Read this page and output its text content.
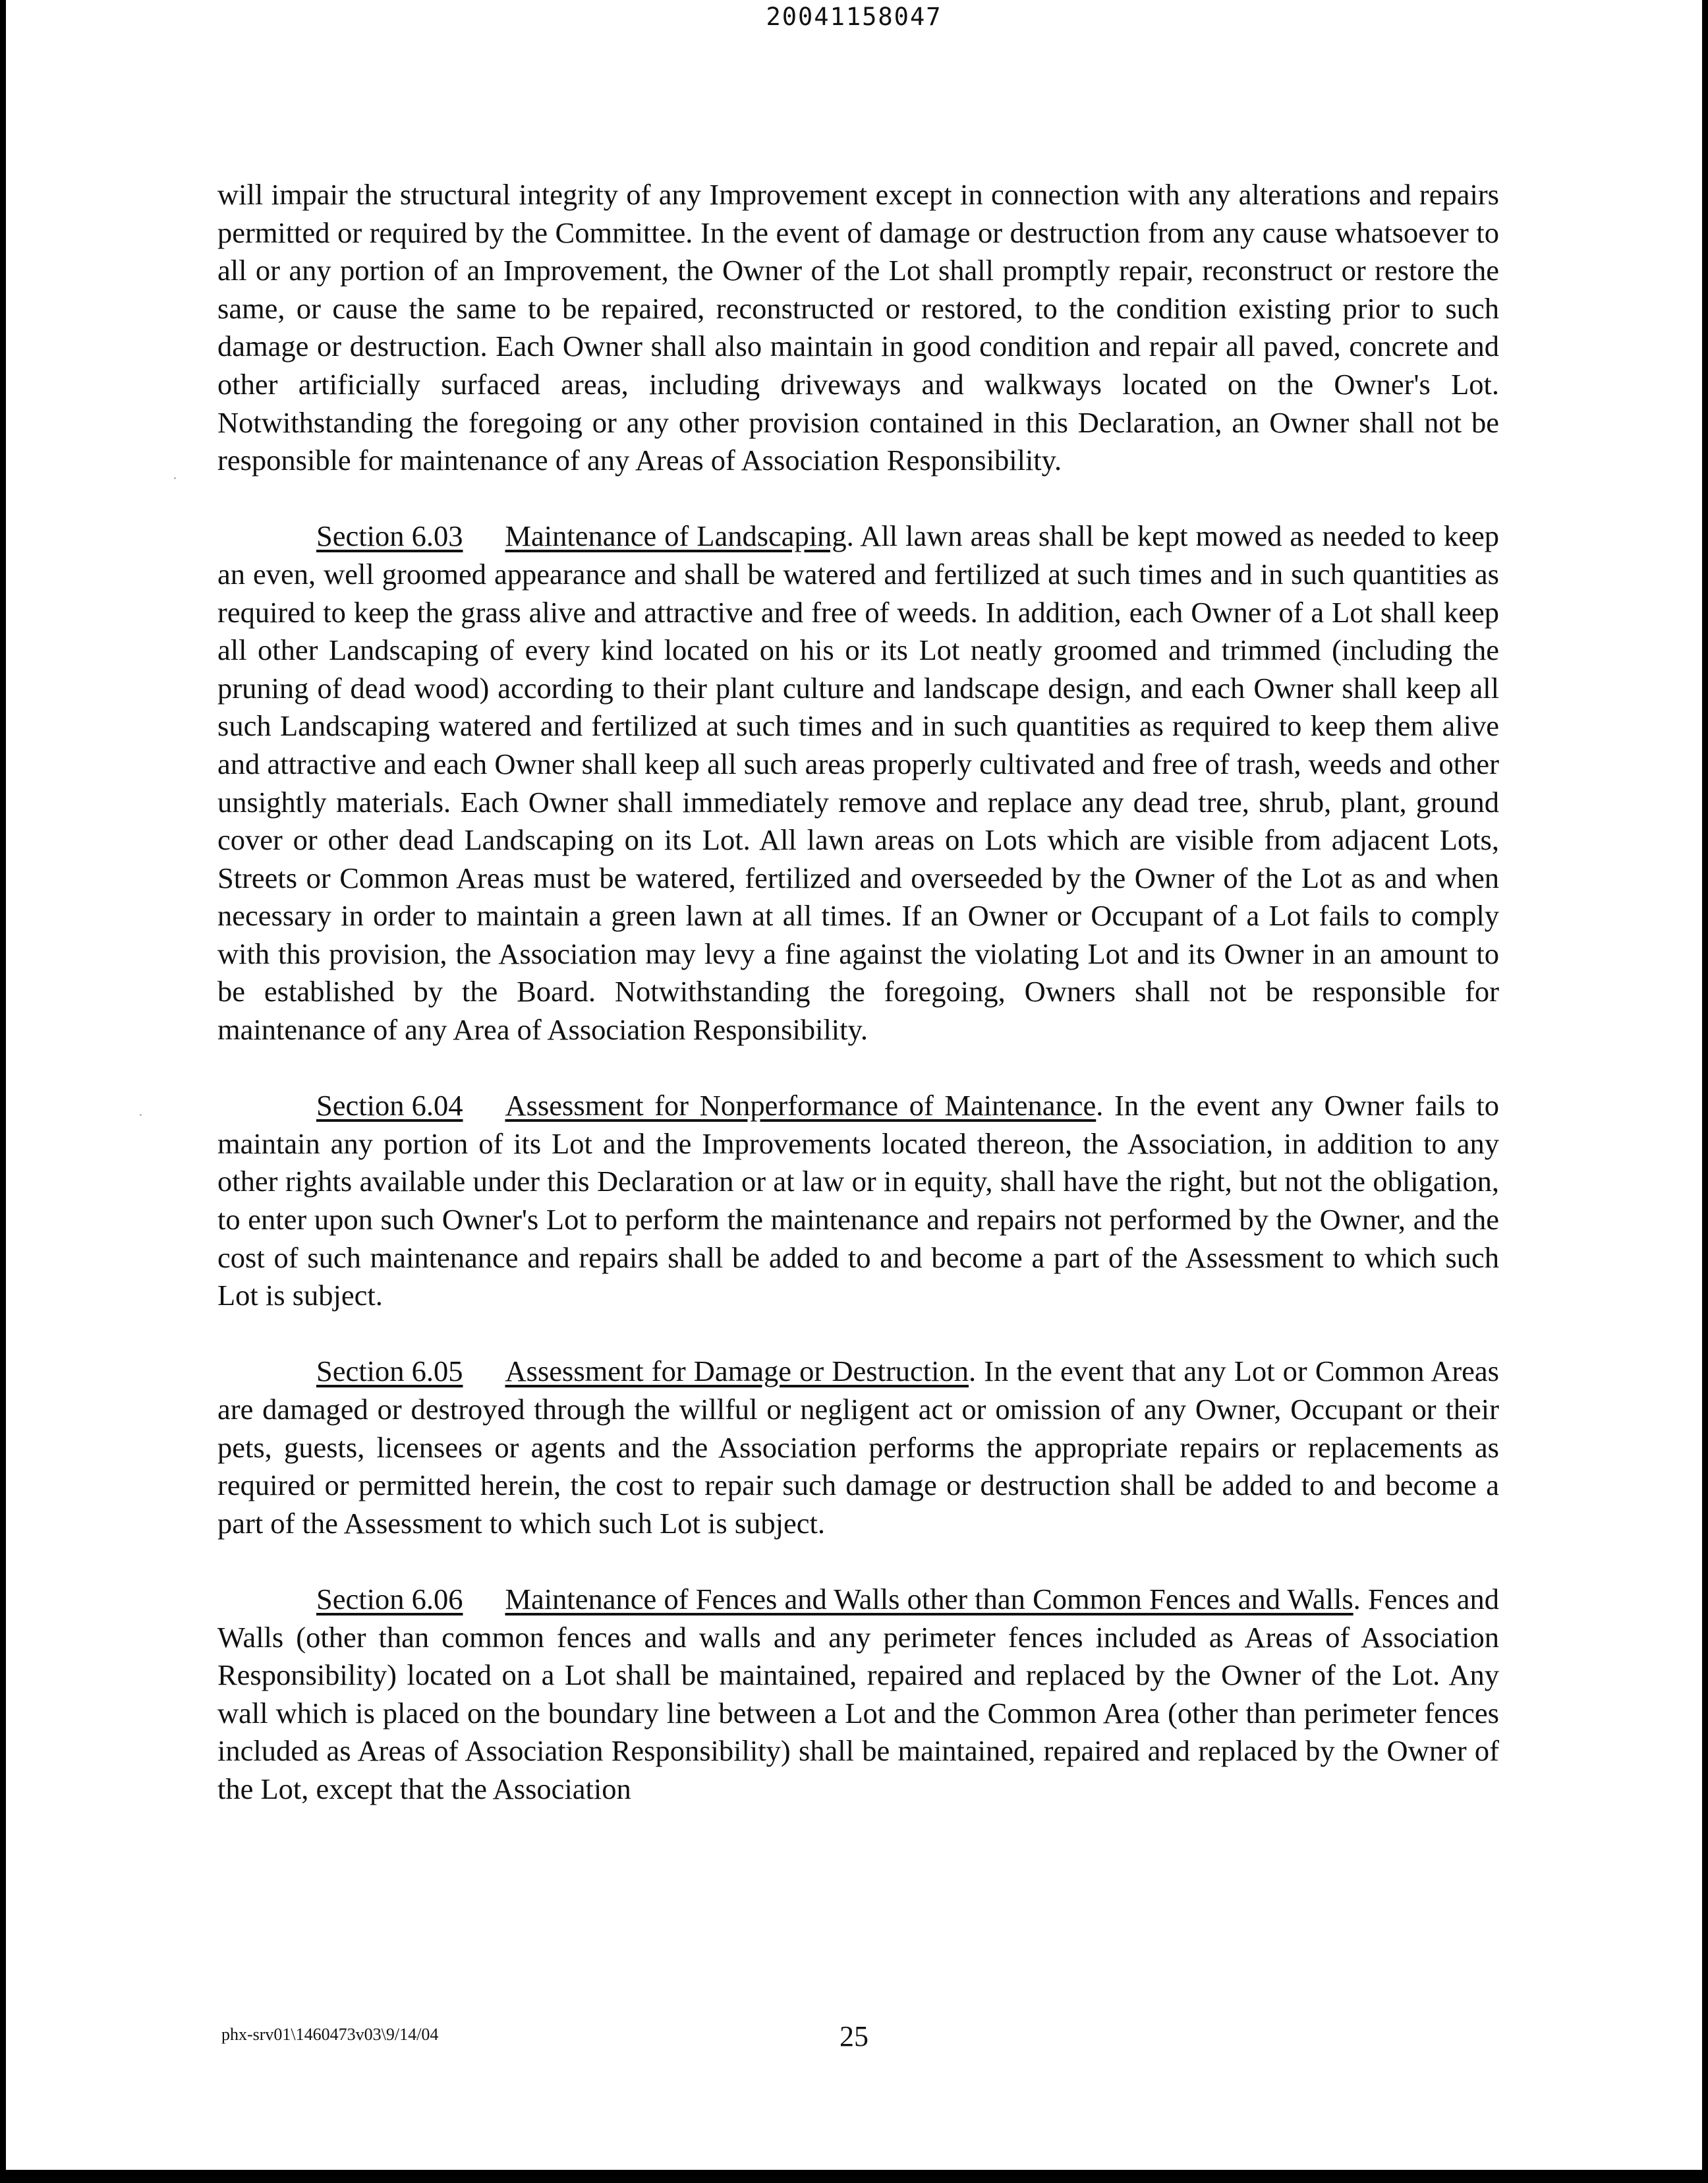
20041158047

will impair the structural integrity of any Improvement except in connection with any alterations and repairs permitted or required by the Committee. In the event of damage or destruction from any cause whatsoever to all or any portion of an Improvement, the Owner of the Lot shall promptly repair, reconstruct or restore the same, or cause the same to be repaired, reconstructed or restored, to the condition existing prior to such damage or destruction. Each Owner shall also maintain in good condition and repair all paved, concrete and other artificially surfaced areas, including driveways and walkways located on the Owner's Lot. Notwithstanding the foregoing or any other provision contained in this Declaration, an Owner shall not be responsible for maintenance of any Areas of Association Responsibility.

Section 6.03 Maintenance of Landscaping. All lawn areas shall be kept mowed as needed to keep an even, well groomed appearance and shall be watered and fertilized at such times and in such quantities as required to keep the grass alive and attractive and free of weeds. In addition, each Owner of a Lot shall keep all other Landscaping of every kind located on his or its Lot neatly groomed and trimmed (including the pruning of dead wood) according to their plant culture and landscape design, and each Owner shall keep all such Landscaping watered and fertilized at such times and in such quantities as required to keep them alive and attractive and each Owner shall keep all such areas properly cultivated and free of trash, weeds and other unsightly materials. Each Owner shall immediately remove and replace any dead tree, shrub, plant, ground cover or other dead Landscaping on its Lot. All lawn areas on Lots which are visible from adjacent Lots, Streets or Common Areas must be watered, fertilized and overseeded by the Owner of the Lot as and when necessary in order to maintain a green lawn at all times. If an Owner or Occupant of a Lot fails to comply with this provision, the Association may levy a fine against the violating Lot and its Owner in an amount to be established by the Board. Notwithstanding the foregoing, Owners shall not be responsible for maintenance of any Area of Association Responsibility.

Section 6.04 Assessment for Nonperformance of Maintenance. In the event any Owner fails to maintain any portion of its Lot and the Improvements located thereon, the Association, in addition to any other rights available under this Declaration or at law or in equity, shall have the right, but not the obligation, to enter upon such Owner's Lot to perform the maintenance and repairs not performed by the Owner, and the cost of such maintenance and repairs shall be added to and become a part of the Assessment to which such Lot is subject.

Section 6.05 Assessment for Damage or Destruction. In the event that any Lot or Common Areas are damaged or destroyed through the willful or negligent act or omission of any Owner, Occupant or their pets, guests, licensees or agents and the Association performs the appropriate repairs or replacements as required or permitted herein, the cost to repair such damage or destruction shall be added to and become a part of the Assessment to which such Lot is subject.

Section 6.06 Maintenance of Fences and Walls other than Common Fences and Walls. Fences and Walls (other than common fences and walls and any perimeter fences included as Areas of Association Responsibility) located on a Lot shall be maintained, repaired and replaced by the Owner of the Lot. Any wall which is placed on the boundary line between a Lot and the Common Area (other than perimeter fences included as Areas of Association Responsibility) shall be maintained, repaired and replaced by the Owner of the Lot, except that the Association

phx-srv01\1460473v03\9/14/04	25
